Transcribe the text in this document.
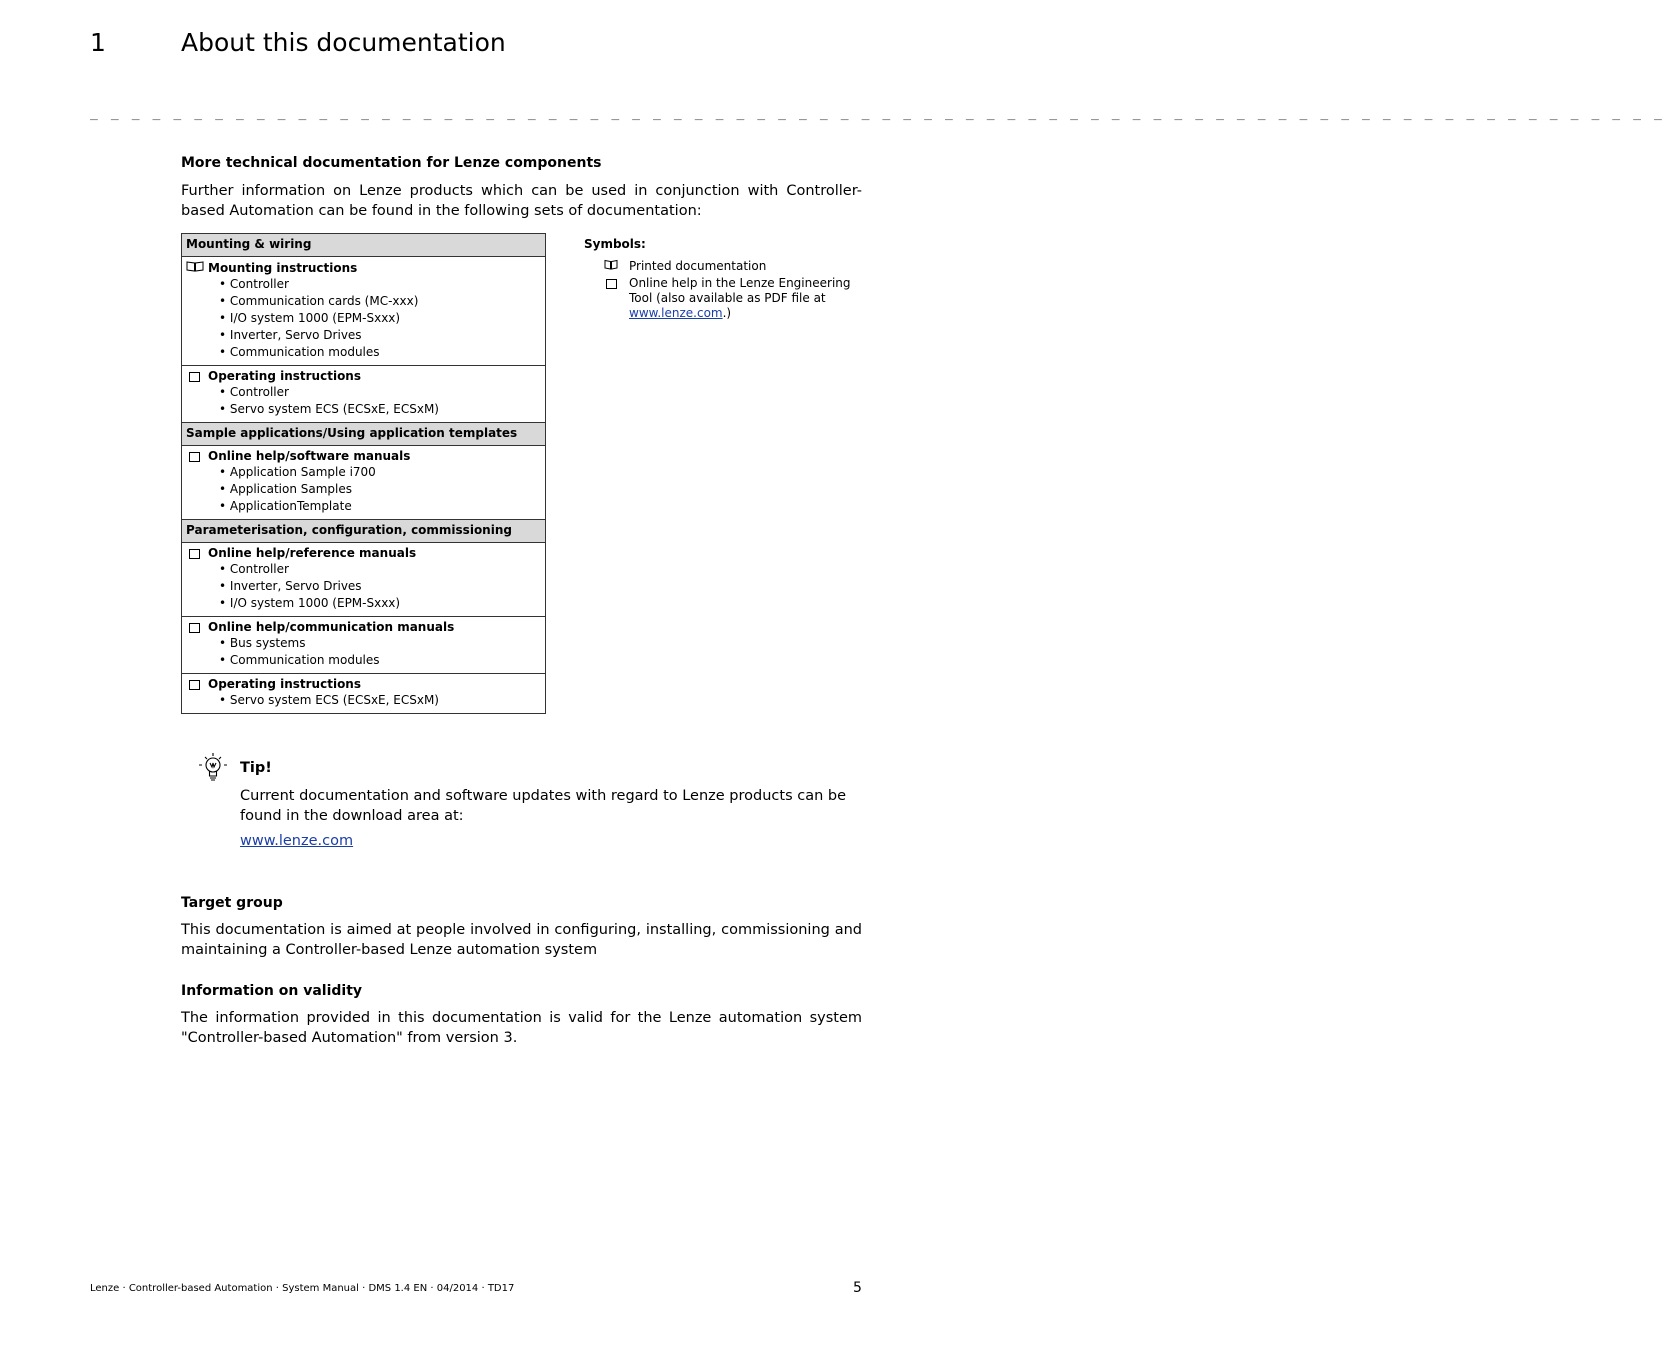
1	About this documentation
_ _ _ _ _ _ _ _ _ _ _ _ _ _ _ _ _ _ _ _ _ _ _ _ _ _ _ _ _ _ _ _ _ _ _ _ _ _ _ _ _ _ _ _ _ _ _ _ _ _ _ _ _ _ _ _ _ _ _ _ _ _ _ _ _ _ _ _ _ _ _ _ _ _ _ _
More technical documentation for Lenze components
Further information on Lenze products which can be used in conjunction with Controller-based Automation can be found in the following sets of documentation:
Mounting & wiring

Mounting instructions
• Controller
• Communication cards (MC-xxx)
• I/O system 1000 (EPM-Sxxx)
• Inverter, Servo Drives
• Communication modules

Operating instructions
• Controller
• Servo system ECS (ECSxE, ECSxM)

Sample applications/Using application templates

Online help/software manuals
• Application Sample i700
• Application Samples
• ApplicationTemplate

Parameterisation, configuration, commissioning

Online help/reference manuals
• Controller
• Inverter, Servo Drives
• I/O system 1000 (EPM-Sxxx)

Online help/communication manuals
• Bus systems
• Communication modules

Operating instructions
• Servo system ECS (ECSxE, ECSxM)
Symbols:
Printed documentation
Online help in the Lenze Engineering Tool (also available as PDF file at www.lenze.com.)
Tip!
Current documentation and software updates with regard to Lenze products can be found in the download area at:
www.lenze.com
Target group
This documentation is aimed at people involved in configuring, installing, commissioning and maintaining a Controller-based Lenze automation system
Information on validity
The information provided in this documentation is valid for the Lenze automation system "Controller-based Automation" from version 3.
Lenze · Controller-based Automation · System Manual · DMS 1.4 EN · 04/2014 · TD17	5
